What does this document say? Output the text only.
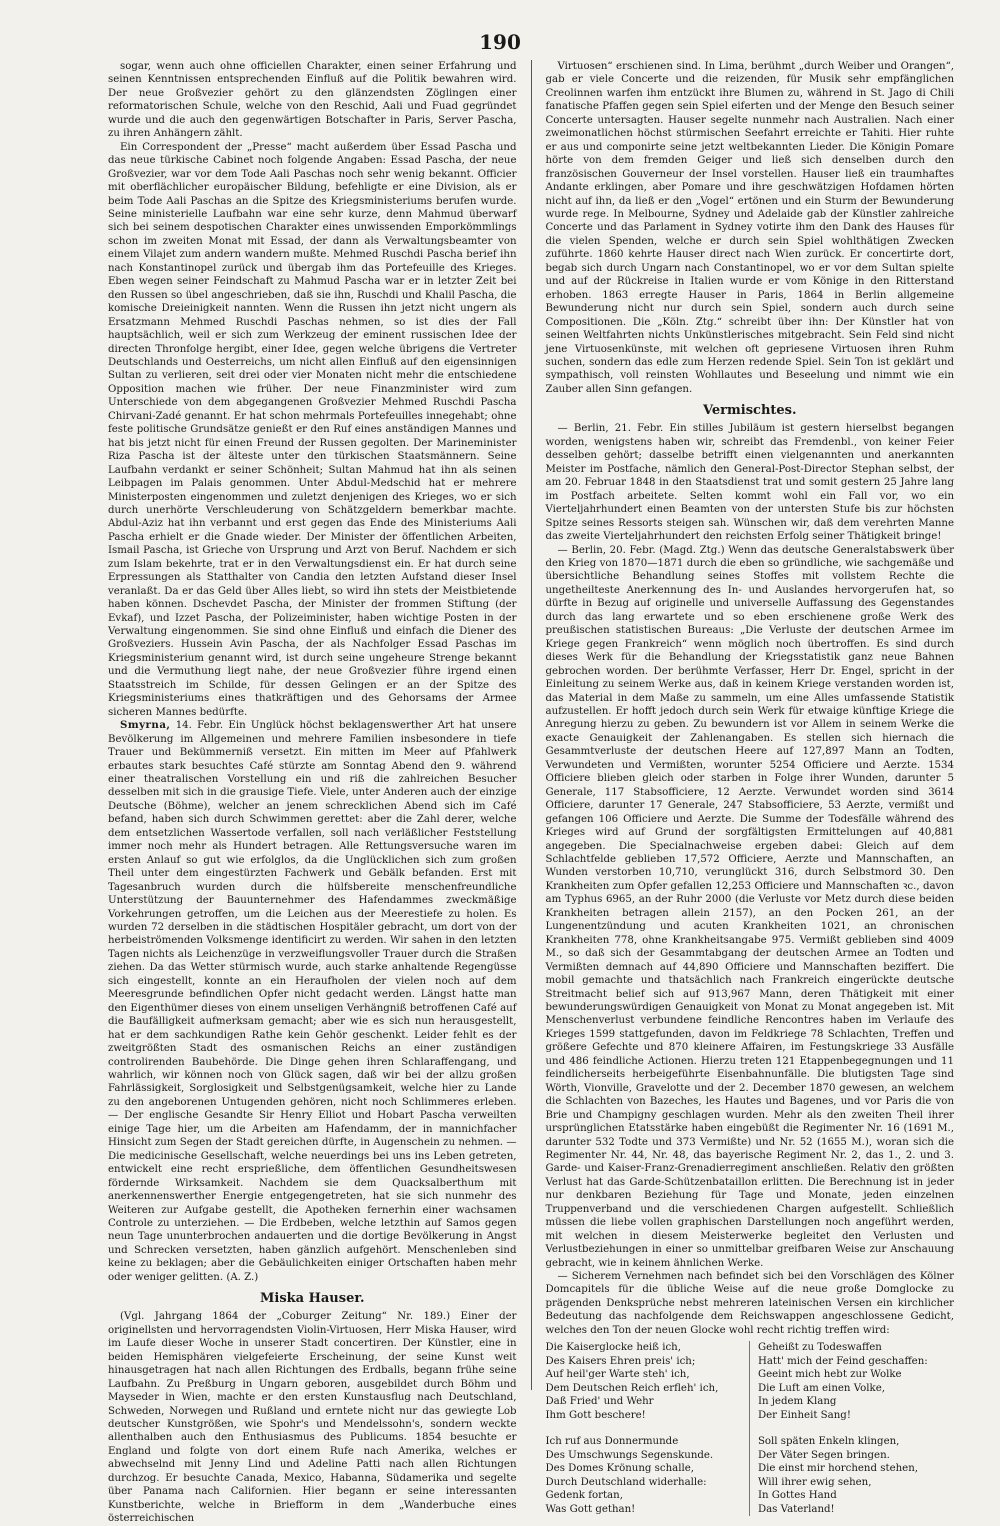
190

sogar, wenn auch ohne officiellen Charakter, einen seiner Erfahrung und seinen Kenntnissen entsprechenden Einfluß auf die Politik bewahren wird. Der neue Großvezier gehört zu den glänzendsten Zöglingen einer reformatorischen Schule, welche von den Reschid, Aali und Fuad gegründet wurde und die auch den gegenwärtigen Botschafter in Paris, Server Pascha, zu ihren Anhängern zählt.

Ein Correspondent der „Presse“ macht außerdem über Essad Pascha und das neue türkische Cabinet noch folgende Angaben: Essad Pascha, der neue Großvezier, war vor dem Tode Aali Paschas noch sehr wenig bekannt. Officier mit oberflächlicher europäischer Bildung, befehligte er eine Division, als er beim Tode Aali Paschas an die Spitze des Kriegsministeriums berufen wurde. Seine ministerielle Laufbahn war eine sehr kurze, denn Mahmud überwarf sich bei seinem despotischen Charakter eines unwissenden Emporkömmlings schon im zweiten Monat mit Essad, der dann als Verwaltungsbeamter von einem Vilajet zum andern wandern mußte. Mehmed Ruschdi Pascha berief ihn nach Konstantinopel zurück und übergab ihm das Portefeuille des Krieges. Eben wegen seiner Feindschaft zu Mahmud Pascha war er in letzter Zeit bei den Russen so übel angeschrieben, daß sie ihn, Ruschdi und Khalil Pascha, die komische Dreieinigkeit nannten. Wenn die Russen ihn jetzt nicht ungern als Ersatzmann Mehmed Ruschdi Paschas nehmen, so ist dies der Fall hauptsächlich, weil er sich zum Werkzeug der eminent russischen Idee der directen Thronfolge hergibt, einer Idee, gegen welche übrigens die Vertreter Deutschlands und Oesterreichs, um nicht allen Einfluß auf den eigensinnigen Sultan zu verlieren, seit drei oder vier Monaten nicht mehr die entschiedene Opposition machen wie früher. Der neue Finanzminister wird zum Unterschiede von dem abgegangenen Großvezier Mehmed Ruschdi Pascha Chirvani-Zadé genannt. Er hat schon mehrmals Portefeuilles innegehabt; ohne feste politische Grundsätze genießt er den Ruf eines anständigen Mannes und hat bis jetzt nicht für einen Freund der Russen gegolten. Der Marineminister Riza Pascha ist der älteste unter den türkischen Staatsmännern. Seine Laufbahn verdankt er seiner Schönheit; Sultan Mahmud hat ihn als seinen Leibpagen im Palais genommen. Unter Abdul-Medschid hat er mehrere Ministerposten eingenommen und zuletzt denjenigen des Krieges, wo er sich durch unerhörte Verschleuderung von Schätzgeldern bemerkbar machte. Abdul-Aziz hat ihn verbannt und erst gegen das Ende des Ministeriums Aali Pascha erhielt er die Gnade wieder. Der Minister der öffentlichen Arbeiten, Ismail Pascha, ist Grieche von Ursprung und Arzt von Beruf. Nachdem er sich zum Islam bekehrte, trat er in den Verwaltungsdienst ein. Er hat durch seine Erpressungen als Statthalter von Candia den letzten Aufstand dieser Insel veranlaßt. Da er das Geld über Alles liebt, so wird ihn stets der Meistbietende haben können. Dschevdet Pascha, der Minister der frommen Stiftung (der Evkaf), und Izzet Pascha, der Polizeiminister, haben wichtige Posten in der Verwaltung eingenommen. Sie sind ohne Einfluß und einfach die Diener des Großveziers. Hussein Avin Pascha, der als Nachfolger Essad Paschas im Kriegsministerium genannt wird, ist durch seine ungeheure Strenge bekannt und die Vermuthung liegt nahe, der neue Großvezier führe irgend einen Staatsstreich im Schilde, für dessen Gelingen er an der Spitze des Kriegsministeriums eines thatkräftigen und des Gehorsams der Armee sicheren Mannes bedürfte.

Smyrna, 14. Febr. Ein Unglück höchst beklagenswerther Art hat unsere Bevölkerung im Allgemeinen und mehrere Familien insbesondere in tiefe Trauer und Bekümmerniß versetzt. Ein mitten im Meer auf Pfahlwerk erbautes stark besuchtes Café stürzte am Sonntag Abend den 9. während einer theatralischen Vorstellung ein und riß die zahlreichen Besucher desselben mit sich in die grausige Tiefe. Viele, unter Anderen auch der einzige Deutsche (Böhme), welcher an jenem schrecklichen Abend sich im Café befand, haben sich durch Schwimmen gerettet: aber die Zahl derer, welche dem entsetzlichen Wassertode verfallen, soll nach verläßlicher Feststellung immer noch mehr als Hundert betragen. Alle Rettungsversuche waren im ersten Anlauf so gut wie erfolglos, da die Unglücklichen sich zum großen Theil unter dem eingestürzten Fachwerk und Gebälk befanden. Erst mit Tagesanbruch wurden durch die hülfsbereite menschenfreundliche Unterstützung der Bauunternehmer des Hafendammes zweckmäßige Vorkehrungen getroffen, um die Leichen aus der Meerestiefe zu holen. Es wurden 72 derselben in die städtischen Hospitäler gebracht, um dort von der herbeiströmenden Volksmenge identificirt zu werden. Wir sahen in den letzten Tagen nichts als Leichenzüge in verzweiflungsvoller Trauer durch die Straßen ziehen. Da das Wetter stürmisch wurde, auch starke anhaltende Regengüsse sich eingestellt, konnte an ein Heraufholen der vielen noch auf dem Meeresgrunde befindlichen Opfer nicht gedacht werden. Längst hatte man den Eigenthümer dieses von einem unseligen Verhängniß betroffenen Café auf die Baufälligkeit aufmerksam gemacht; aber wie es sich nun herausgestellt, hat er dem sachkundigen Rathe kein Gehör geschenkt. Leider fehlt es der zweitgrößten Stadt des osmanischen Reichs an einer zuständigen controlirenden Baubehörde. Die Dinge gehen ihren Schlaraffengang, und wahrlich, wir können noch von Glück sagen, daß wir bei der allzu großen Fahrlässigkeit, Sorglosigkeit und Selbstgenügsamkeit, welche hier zu Lande zu den angeborenen Untugenden gehören, nicht noch Schlimmeres erleben. — Der englische Gesandte Sir Henry Elliot und Hobart Pascha verweilten einige Tage hier, um die Arbeiten am Hafendamm, der in mannichfacher Hinsicht zum Segen der Stadt gereichen dürfte, in Augenschein zu nehmen. — Die medicinische Gesellschaft, welche neuerdings bei uns ins Leben getreten, entwickelt eine recht ersprießliche, dem öffentlichen Gesundheitswesen fördernde Wirksamkeit. Nachdem sie dem Quacksalberthum mit anerkennenswerther Energie entgegengetreten, hat sie sich nunmehr des Weiteren zur Aufgabe gestellt, die Apotheken fernerhin einer wachsamen Controle zu unterziehen. — Die Erdbeben, welche letzthin auf Samos gegen neun Tage ununterbrochen andauerten und die dortige Bevölkerung in Angst und Schrecken versetzten, haben gänzlich aufgehört. Menschenleben sind keine zu beklagen; aber die Gebäulichkeiten einiger Ortschaften haben mehr oder weniger gelitten. (A. Z.)

Miska Hauser.

(Vgl. Jahrgang 1864 der „Coburger Zeitung“ Nr. 189.) Einer der originellsten und hervorragendsten Violin-Virtuosen, Herr Miska Hauser, wird im Laufe dieser Woche in unserer Stadt concertiren. Der Künstler, eine in beiden Hemisphären vielgefeierte Erscheinung, der seine Kunst weit hinausgetragen hat nach allen Richtungen des Erdballs, begann frühe seine Laufbahn. Zu Preßburg in Ungarn geboren, ausgebildet durch Böhm und Mayseder in Wien, machte er den ersten Kunstausflug nach Deutschland, Schweden, Norwegen und Rußland und erntete nicht nur das gewiegte Lob deutscher Kunstgrößen, wie Spohr's und Mendelssohn's, sondern weckte allenthalben auch den Enthusiasmus des Publicums. 1854 besuchte er England und folgte von dort einem Rufe nach Amerika, welches er abwechselnd mit Jenny Lind und Adeline Patti nach allen Richtungen durchzog. Er besuchte Canada, Mexico, Habanna, Südamerika und segelte über Panama nach Californien. Hier begann er seine interessanten Kunstberichte, welche in Briefform in dem „Wanderbuche eines österreichischen

Virtuosen“ erschienen sind. In Lima, berühmt „durch Weiber und Orangen“, gab er viele Concerte und die reizenden, für Musik sehr empfänglichen Creolinnen warfen ihm entzückt ihre Blumen zu, während in St. Jago di Chili fanatische Pfaffen gegen sein Spiel eiferten und der Menge den Besuch seiner Concerte untersagten. Hauser segelte nunmehr nach Australien. Nach einer zweimonatlichen höchst stürmischen Seefahrt erreichte er Tahiti. Hier ruhte er aus und componirte seine jetzt weltbekannten Lieder. Die Königin Pomare hörte von dem fremden Geiger und ließ sich denselben durch den französischen Gouverneur der Insel vorstellen. Hauser ließ ein traumhaftes Andante erklingen, aber Pomare und ihre geschwätzigen Hofdamen hörten nicht auf ihn, da ließ er den „Vogel“ ertönen und ein Sturm der Bewunderung wurde rege. In Melbourne, Sydney und Adelaide gab der Künstler zahlreiche Concerte und das Parlament in Sydney votirte ihm den Dank des Hauses für die vielen Spenden, welche er durch sein Spiel wohlthätigen Zwecken zuführte. 1860 kehrte Hauser direct nach Wien zurück. Er concertirte dort, begab sich durch Ungarn nach Constantinopel, wo er vor dem Sultan spielte und auf der Rückreise in Italien wurde er vom Könige in den Ritterstand erhoben. 1863 erregte Hauser in Paris, 1864 in Berlin allgemeine Bewunderung nicht nur durch sein Spiel, sondern auch durch seine Compositionen. Die „Köln. Ztg.“ schreibt über ihn: Der Künstler hat von seinen Weltfahrten nichts Unkünstlerisches mitgebracht. Sein Feld sind nicht jene Virtuosenkünste, mit welchen oft gepriesene Virtuosen ihren Ruhm suchen, sondern das edle zum Herzen redende Spiel. Sein Ton ist geklärt und sympathisch, voll reinsten Wohllautes und Beseelung und nimmt wie ein Zauber allen Sinn gefangen.

Vermischtes.

— Berlin, 21. Febr. Ein stilles Jubiläum ist gestern hierselbst begangen worden, wenigstens haben wir, schreibt das Fremdenbl., von keiner Feier desselben gehört; dasselbe betrifft einen vielgenannten und anerkannten Meister im Postfache, nämlich den General-Post-Director Stephan selbst, der am 20. Februar 1848 in den Staatsdienst trat und somit gestern 25 Jahre lang im Postfach arbeitete. Selten kommt wohl ein Fall vor, wo ein Vierteljahrhundert einen Beamten von der untersten Stufe bis zur höchsten Spitze seines Ressorts steigen sah. Wünschen wir, daß dem verehrten Manne das zweite Vierteljahrhundert den reichsten Erfolg seiner Thätigkeit bringe!

— Berlin, 20. Febr. (Magd. Ztg.) Wenn das deutsche Generalstabswerk über den Krieg von 1870—1871 durch die eben so gründliche, wie sachgemäße und übersichtliche Behandlung seines Stoffes mit vollstem Rechte die ungetheilteste Anerkennung des In- und Auslandes hervorgerufen hat, so dürfte in Bezug auf originelle und universelle Auffassung des Gegenstandes durch das lang erwartete und so eben erschienene große Werk des preußischen statistischen Bureaus: „Die Verluste der deutschen Armee im Kriege gegen Frankreich“ wenn möglich noch übertroffen. Es sind durch dieses Werk für die Behandlung der Kriegsstatistik ganz neue Bahnen gebrochen worden. Der berühmte Verfasser, Herr Dr. Engel, spricht in der Einleitung zu seinem Werke aus, daß in keinem Kriege verstanden worden ist, das Material in dem Maße zu sammeln, um eine Alles umfassende Statistik aufzustellen. Er hofft jedoch durch sein Werk für etwaige künftige Kriege die Anregung hierzu zu geben. Zu bewundern ist vor Allem in seinem Werke die exacte Genauigkeit der Zahlenangaben. Es stellen sich hiernach die Gesammtverluste der deutschen Heere auf 127,897 Mann an Todten, Verwundeten und Vermißten, worunter 5254 Officiere und Aerzte. 1534 Officiere blieben gleich oder starben in Folge ihrer Wunden, darunter 5 Generale, 117 Stabsofficiere, 12 Aerzte. Verwundet worden sind 3614 Officiere, darunter 17 Generale, 247 Stabsofficiere, 53 Aerzte, vermißt und gefangen 106 Officiere und Aerzte. Die Summe der Todesfälle während des Krieges wird auf Grund der sorgfältigsten Ermittelungen auf 40,881 angegeben. Die Specialnachweise ergeben dabei: Gleich auf dem Schlachtfelde geblieben 17,572 Officiere, Aerzte und Mannschaften, an Wunden verstorben 10,710, verunglückt 316, durch Selbstmord 30. Den Krankheiten zum Opfer gefallen 12,253 Officiere und Mannschaften ꝛc., davon am Typhus 6965, an der Ruhr 2000 (die Verluste vor Metz durch diese beiden Krankheiten betragen allein 2157), an den Pocken 261, an der Lungenentzündung und acuten Krankheiten 1021, an chronischen Krankheiten 778, ohne Krankheitsangabe 975. Vermißt geblieben sind 4009 M., so daß sich der Gesammtabgang der deutschen Armee an Todten und Vermißten demnach auf 44,890 Officiere und Mannschaften beziffert. Die mobil gemachte und thatsächlich nach Frankreich eingerückte deutsche Streitmacht belief sich auf 913,967 Mann, deren Thätigkeit mit einer bewunderungswürdigen Genauigkeit von Monat zu Monat angegeben ist. Mit Menschenverlust verbundene feindliche Rencontres haben im Verlaufe des Krieges 1599 stattgefunden, davon im Feldkriege 78 Schlachten, Treffen und größere Gefechte und 870 kleinere Affairen, im Festungskriege 33 Ausfälle und 486 feindliche Actionen. Hierzu treten 121 Etappenbegegnungen und 11 feindlicherseits herbeigeführte Eisenbahnunfälle. Die blutigsten Tage sind Wörth, Vionville, Gravelotte und der 2. December 1870 gewesen, an welchem die Schlachten von Bazeches, les Hautes und Bagenes, und vor Paris die von Brie und Champigny geschlagen wurden. Mehr als den zweiten Theil ihrer ursprünglichen Etatsstärke haben eingebüßt die Regimenter Nr. 16 (1691 M., darunter 532 Todte und 373 Vermißte) und Nr. 52 (1655 M.), woran sich die Regimenter Nr. 44, Nr. 48, das bayerische Regiment Nr. 2, das 1., 2. und 3. Garde- und Kaiser-Franz-Grenadierregiment anschließen. Relativ den größten Verlust hat das Garde-Schützenbataillon erlitten. Die Berechnung ist in jeder nur denkbaren Beziehung für Tage und Monate, jeden einzelnen Truppenverband und die verschiedenen Chargen aufgestellt. Schließlich müssen die liebe vollen graphischen Darstellungen noch angeführt werden, mit welchen in diesem Meisterwerke begleitet den Verlusten und Verlustbeziehungen in einer so unmittelbar greifbaren Weise zur Anschauung gebracht, wie in keinem ähnlichen Werke.

— Sicherem Vernehmen nach befindet sich bei den Vorschlägen des Kölner Domcapitels für die übliche Weise auf die neue große Domglocke zu prägenden Denksprüche nebst mehreren lateinischen Versen ein kirchlicher Bedeutung das nachfolgende dem Reichswappen angeschlossene Gedicht, welches den Ton der neuen Glocke wohl recht richtig treffen wird:

Die Kaiserglocke heiß ich,
Des Kaisers Ehren preis' ich;
Auf heil'ger Warte steh' ich,
Dem Deutschen Reich erfleh' ich,
Daß Fried' und Wehr
Ihm Gott beschere!

Ich ruf aus Donnermunde
Des Umschwungs Segenskunde.
Des Domes Krönung schalle,
Durch Deutschland widerhalle:
Gedenk fortan,
Was Gott gethan!
Geheißt zu Todeswaffen
Hatt' mich der Feind geschaffen:
Geeint mich hebt zur Wolke
Die Luft am einen Volke,
In jedem Klang
Der Einheit Sang!

Soll späten Enkeln klingen,
Der Väter Segen bringen.
Die einst mir horchend stehen,
Will ihrer ewig sehen,
In Gottes Hand
Das Vaterland!
